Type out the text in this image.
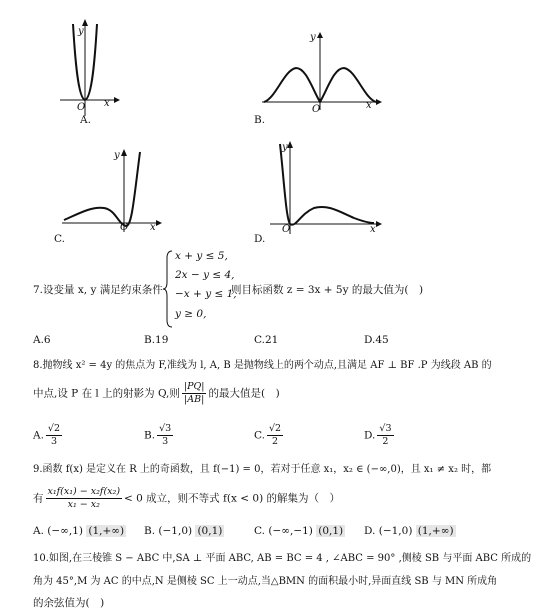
y
x
O
A.
y
x
O
B.
y
x
O
C.
y
x
O
D.
7.设变量 x, y 满足约束条件
x + y ≤ 5,
2x − y ≤ 4,
−x + y ≤ 1,
y ≥ 0,
则目标函数 z = 3x + 5y 的最大值为(　)
A.6	B.19	C.21	D.45
8.抛物线 x² = 4y 的焦点为 F,准线为 l, A, B 是抛物线上的两个动点,且满足 AF ⊥ BF .P 为线段 AB 的
中点,设 P 在 l 上的射影为 Q,则 $\frac{|PQ|}{|AB|}$ 的最大值是(　)
A. $\frac{√2}{3}$	B. $\frac{√3}{3}$	C. $\frac{√2}{2}$	D. $\frac{√3}{2}$
9.函数 f(x) 是定义在 R 上的奇函数，且 f(−1) = 0，若对于任意 x₁，x₂ ∈ (−∞,0)，且 x₁ ≠ x₂ 时，都
有 $\frac{\text{x₁f(x₁) − x₂f(x₂)}}{\text{x₁ − x₂}} < 0$ 成立，则不等式 f(x < 0) 的解集为（　）
A. (−∞,1) (1,+∞) B. (−1,0) (0,1)	C. (−∞,−1) (0,1) D. (−1,0) (1,+∞)
10.如图,在三棱锥 S − ABC 中,SA ⊥ 平面 ABC, AB = BC = 4 , ∠ABC = 90° ,侧棱 SB 与平面 ABC 所成的
角为 45°,M 为 AC 的中点,N 是侧棱 SC 上一动点,当△BMN 的面积最小时,异面直线 SB 与 MN 所成角
的余弦值为(　)
